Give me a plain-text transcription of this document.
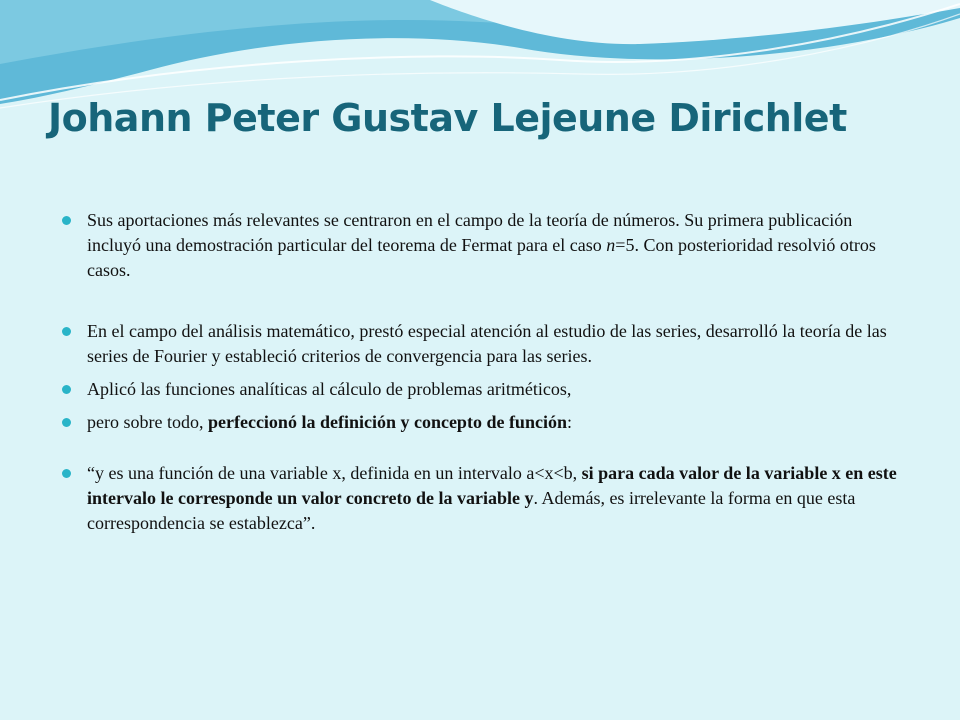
Johann Peter Gustav Lejeune Dirichlet
Sus aportaciones más relevantes se centraron en el campo de la teoría de números. Su primera publicación incluyó una demostración particular del teorema de Fermat para el caso n=5. Con posterioridad resolvió otros casos.
En el campo del análisis matemático, prestó especial atención al estudio de las series, desarrolló la teoría de las series de Fourier y estableció criterios de convergencia para las series.
Aplicó las funciones analíticas al cálculo de problemas aritméticos,
pero sobre todo, perfeccionó la definición y concepto de función:
“y es una función de una variable x, definida en un intervalo a<x<b, si para cada valor de la variable x en este intervalo le corresponde un valor concreto de la variable y. Además, es irrelevante la forma en que esta correspondencia se establezca”.
